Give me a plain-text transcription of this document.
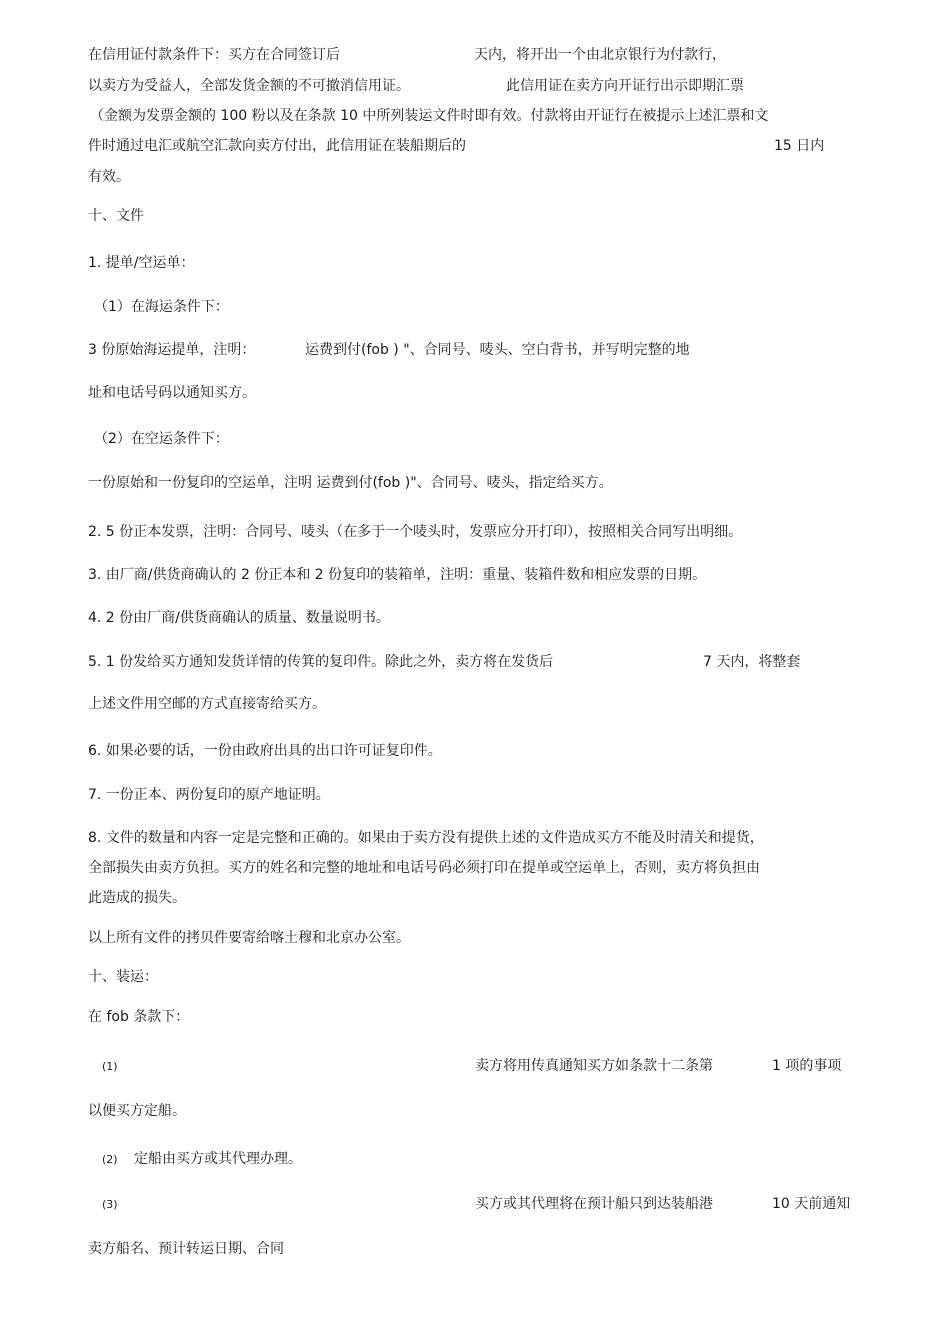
在信用证付款条件下：买方在合同签订后	天内，将开出一个由北京银行为付款行，
以卖方为受益人，全部发货金额的不可撤消信用证。	此信用证在卖方向开证行出示即期汇票
（金额为发票金额的 100 粉以及在条款 10 中所列装运文件时即有效。付款将由开证行在被提示上述汇票和文
件时通过电汇或航空汇款向卖方付出，此信用证在装船期后的	15 日内
有效。
十、文件
1. 提单/空运单：
（1）在海运条件下：
3 份原始海运提单，注明：	运费到付(fob ) "、合同号、唛头、空白背书，并写明完整的地
址和电话号码以通知买方。
（2）在空运条件下：
一份原始和一份复印的空运单，注明 运费到付(fob )"、合同号、唛头，指定给买方。
2. 5 份正本发票，注明：合同号、唛头（在多于一个唛头时，发票应分开打印），按照相关合同写出明细。
3. 由厂商/供货商确认的 2 份正本和 2 份复印的装箱单，注明：重量、装箱件数和相应发票的日期。
4. 2 份由厂商/供货商确认的质量、数量说明书。
5. 1 份发给买方通知发货详情的传箕的复印件。除此之外，卖方将在发货后	7 天内，将整套
上述文件用空邮的方式直接寄给买方。
6. 如果必要的话，一份由政府出具的出口许可证复印件。
7. 一份正本、两份复印的原产地证明。
8. 文件的数量和内容一定是完整和正确的。如果由于卖方没有提供上述的文件造成买方不能及时清关和提货，
全部损失由卖方负担。买方的姓名和完整的地址和电话号码必须打印在提单或空运单上，否则，卖方将负担由
此造成的损失。
以上所有文件的拷贝件要寄给喀土穆和北京办公室。
十、装运：
在 fob 条款下：
(1)	卖方将用传真通知买方如条款十二条第	1 项的事项
以便买方定船。
(2) 定船由买方或其代理办理。
(3)	买方或其代理将在预计船只到达装船港	10 天前通知
卖方船名、预计转运日期、合同
